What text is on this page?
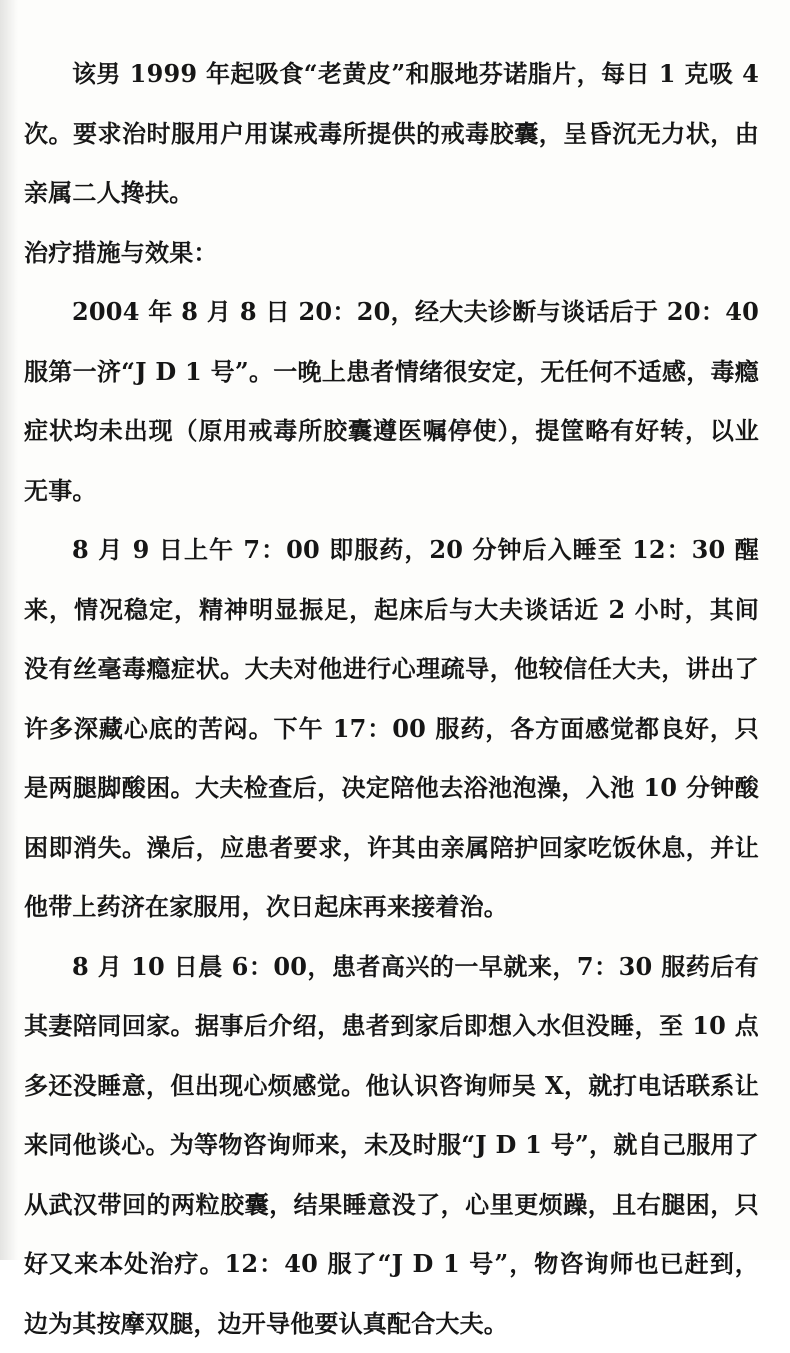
该男 1999 年起吸食“老黄皮”和服地芬诺脂片，每日 1 克吸 4 次。要求治时服用户用谋戒毒所提供的戒毒胶囊，呈昏沉无力状，由亲属二人搀扶。

治疗措施与效果：

2004 年 8 月 8 日 20：20，经大夫诊断与谈话后于 20：40 服第一济“J D 1 号”。一晚上患者情绪很安定，无任何不适感，毒瘾症状均未出现（原用戒毒所胶囊遵医嘱停使），提筐略有好转，以业无事。

8 月 9 日上午 7：00 即服药，20 分钟后入睡至 12：30 醒来，情况稳定，精神明显振足，起床后与大夫谈话近 2 小时，其间没有丝毫毒瘾症状。大夫对他进行心理疏导，他较信任大夫，讲出了许多深藏心底的苦闷。下午 17：00 服药，各方面感觉都良好，只是两腿脚酸困。大夫检查后，决定陪他去浴池泡澡，入池 10 分钟酸困即消失。澡后，应患者要求，许其由亲属陪护回家吃饭休息，并让他带上药济在家服用，次日起床再来接着治。

8 月 10 日晨 6：00，患者高兴的一早就来，7：30 服药后有其妻陪同回家。据事后介绍，患者到家后即想入水但没睡，至 10 点多还没睡意，但出现心烦感觉。他认识咨询师吴 X，就打电话联系让来同他谈心。为等物咨询师来，未及时服“J D 1 号”，就自己服用了从武汉带回的两粒胶囊，结果睡意没了，心里更烦躁，且右腿困，只好又来本处治疗。12：40 服了“J D 1 号”，物咨询师也已赶到，边为其按摩双腿，边开导他要认真配合大夫。
